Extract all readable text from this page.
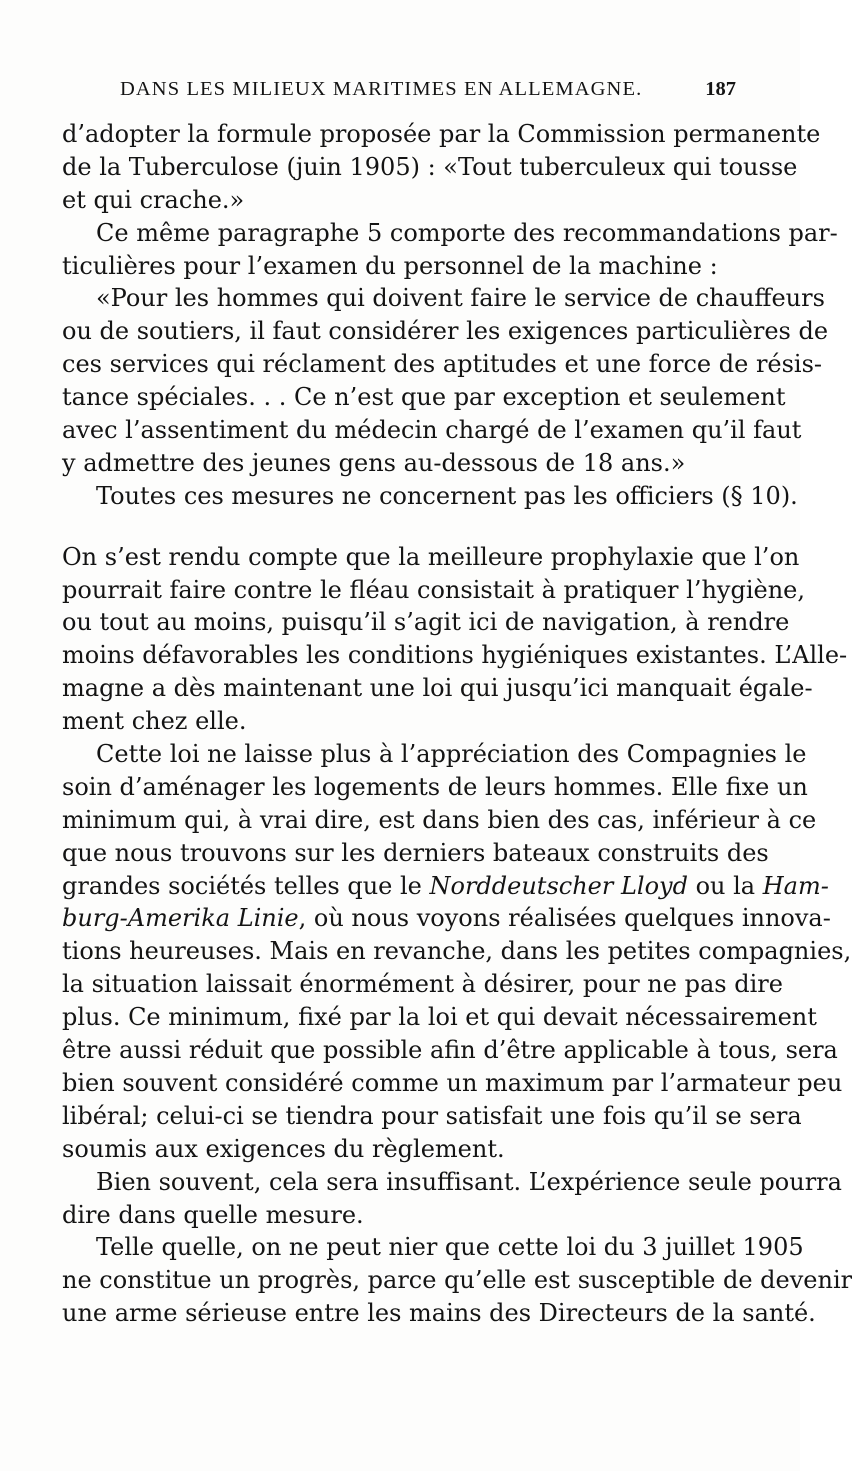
DANS LES MILIEUX MARITIMES EN ALLEMAGNE.	187
d’adopter la formule proposée par la Commission permanente
de la Tuberculose (juin 1905) : «Tout tuberculeux qui tousse
et qui crache.»
Ce même paragraphe 5 comporte des recommandations par-
ticulières pour l’examen du personnel de la machine :
«Pour les hommes qui doivent faire le service de chauffeurs
ou de soutiers, il faut considérer les exigences particulières de
ces services qui réclament des aptitudes et une force de résis-
tance spéciales. . . Ce n’est que par exception et seulement
avec l’assentiment du médecin chargé de l’examen qu’il faut
y admettre des jeunes gens au-dessous de 18 ans.»
Toutes ces mesures ne concernent pas les officiers (§ 10).
On s’est rendu compte que la meilleure prophylaxie que l’on
pourrait faire contre le fléau consistait à pratiquer l’hygiène,
ou tout au moins, puisqu’il s’agit ici de navigation, à rendre
moins défavorables les conditions hygiéniques existantes. L’Alle-
magne a dès maintenant une loi qui jusqu’ici manquait égale-
ment chez elle.
Cette loi ne laisse plus à l’appréciation des Compagnies le
soin d’aménager les logements de leurs hommes. Elle fixe un
minimum qui, à vrai dire, est dans bien des cas, inférieur à ce
que nous trouvons sur les derniers bateaux construits des
grandes sociétés telles que le Norddeutscher Lloyd ou la Ham-
burg-Amerika Linie, où nous voyons réalisées quelques innova-
tions heureuses. Mais en revanche, dans les petites compagnies,
la situation laissait énormément à désirer, pour ne pas dire
plus. Ce minimum, fixé par la loi et qui devait nécessairement
être aussi réduit que possible afin d’être applicable à tous, sera
bien souvent considéré comme un maximum par l’armateur peu
libéral; celui-ci se tiendra pour satisfait une fois qu’il se sera
soumis aux exigences du règlement.
Bien souvent, cela sera insuffisant. L’expérience seule pourra
dire dans quelle mesure.
Telle quelle, on ne peut nier que cette loi du 3 juillet 1905
ne constitue un progrès, parce qu’elle est susceptible de devenir
une arme sérieuse entre les mains des Directeurs de la santé.
